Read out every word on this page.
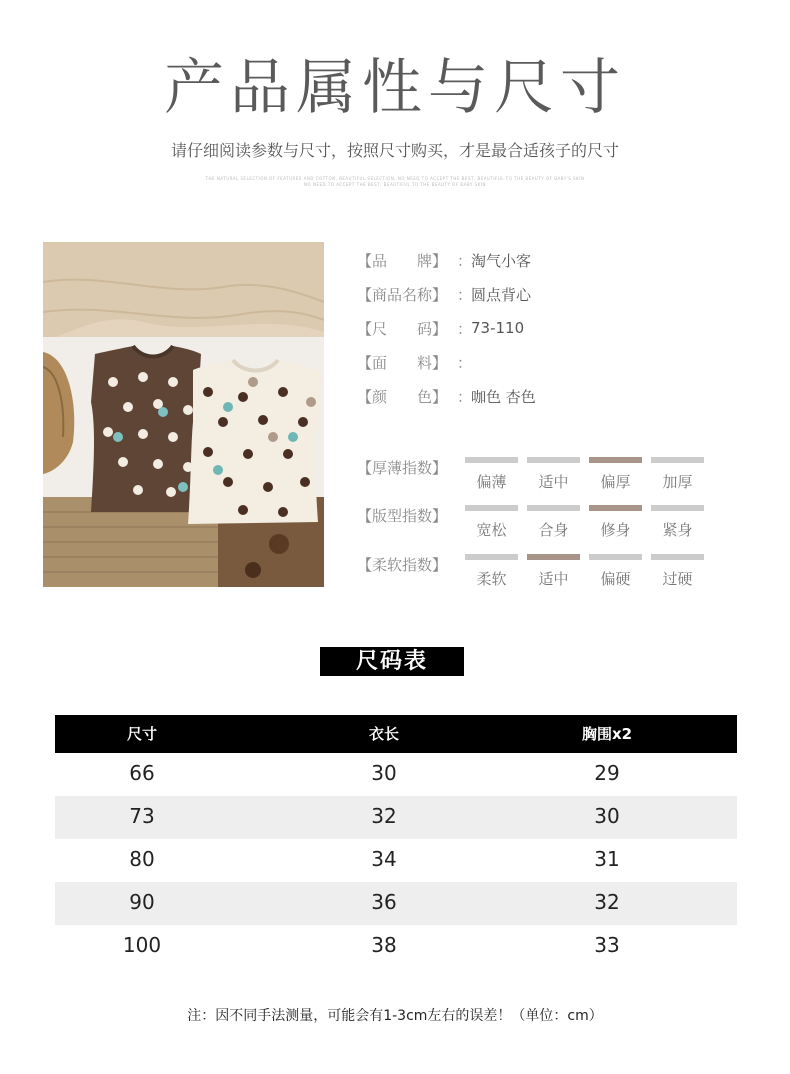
产品属性与尺寸
请仔细阅读参数与尺寸，按照尺寸购买，才是最合适孩子的尺寸
THE NATURAL SELECTION OF FEATURES AND COTTON, BEAUTIFUL SELECTION, NO NEED TO ACCEPT THE BEST, BEAUTIFUL TO THE BEAUTY OF BABY'S SKIN
NO NEED TO ACCEPT THE BEST, BEAUTIFUL TO THE BEAUTY OF BABY SKIN
【品　　牌】 ：
淘气小客
【商品名称】 ：
圆点背心
【尺　　码】 ：
73-110
【面　　料】 ：
【颜　　色】 ：
咖色 杏色
【厚薄指数】
偏薄	适中	偏厚	加厚
【版型指数】
宽松	合身	修身	紧身
【柔软指数】
柔软	适中	偏硬	过硬
尺码表
尺寸	衣长	胸围x2
66	30	29
73	32	30
80	34	31
90	36	32
100	38	33
注：因不同手法测量，可能会有1-3cm左右的误差！（单位：cm）
